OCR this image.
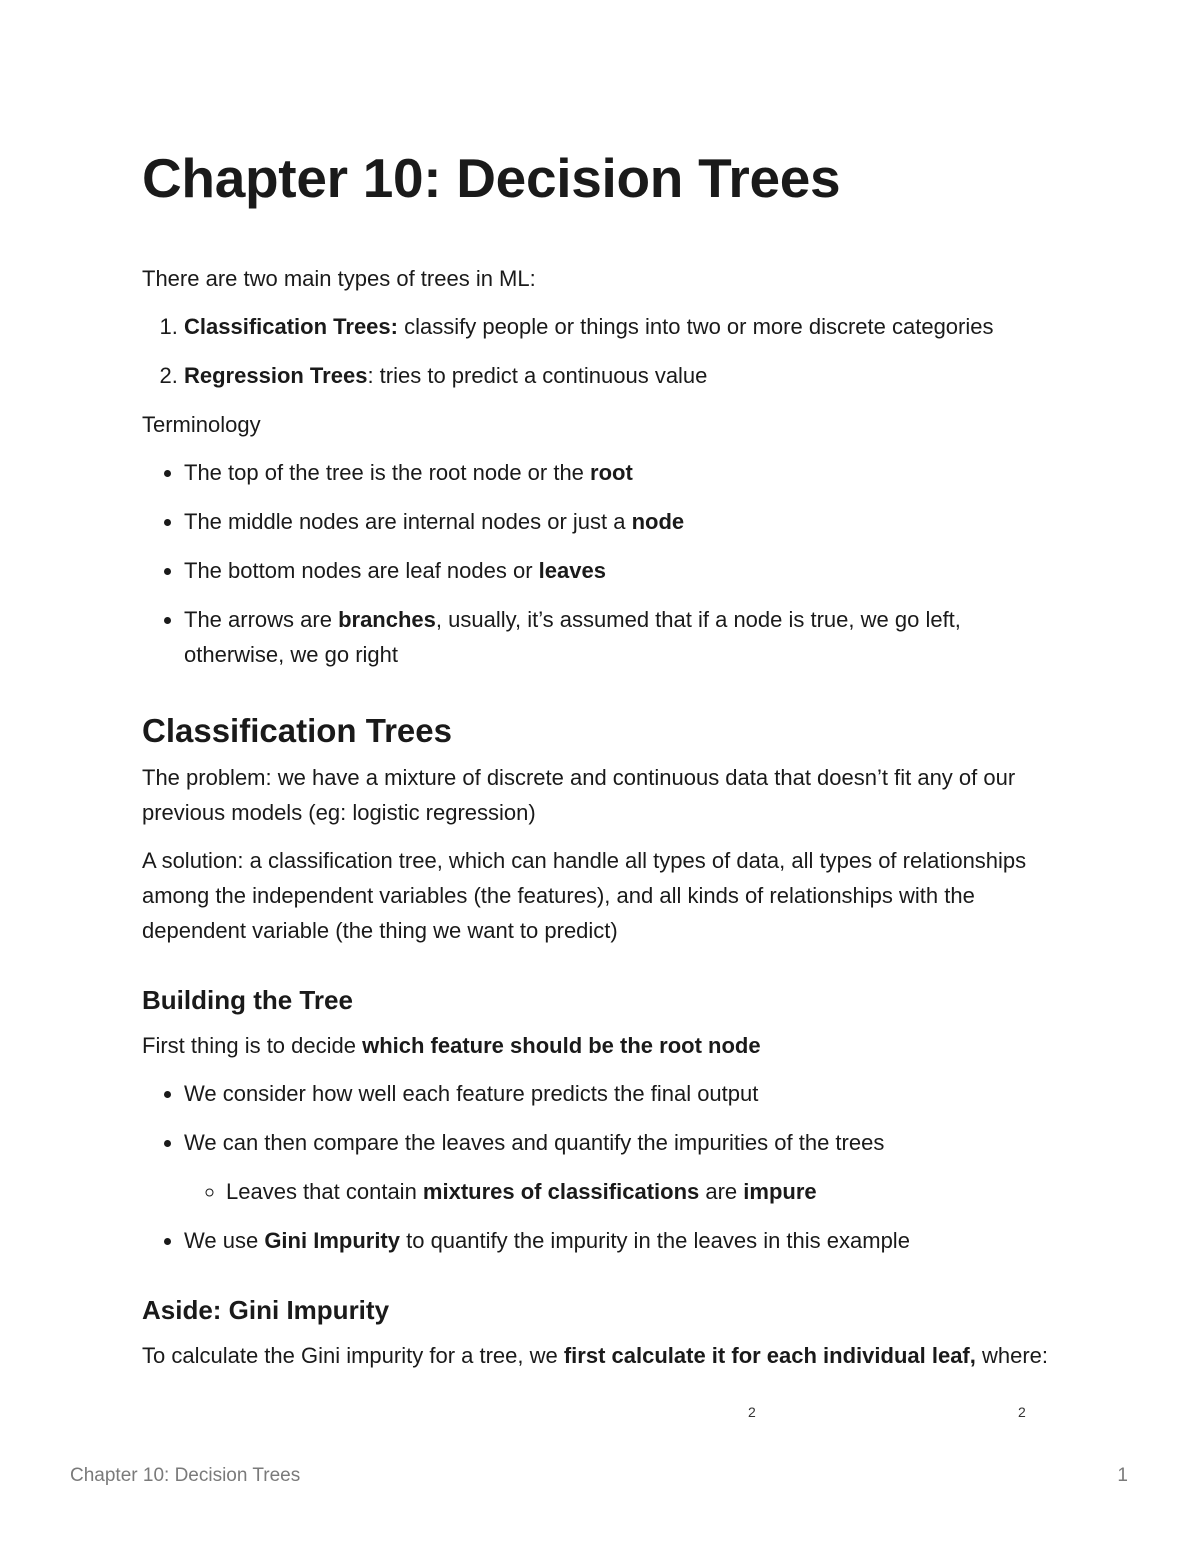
Chapter 10: Decision Trees

There are two main types of trees in ML:

1. Classification Trees: classify people or things into two or more discrete categories
2. Regression Trees: tries to predict a continuous value

Terminology

• The top of the tree is the root node or the root
• The middle nodes are internal nodes or just a node
• The bottom nodes are leaf nodes or leaves
• The arrows are branches, usually, it’s assumed that if a node is true, we go left, otherwise, we go right
Classification Trees

The problem: we have a mixture of discrete and continuous data that doesn’t fit any of our previous models (eg: logistic regression)

A solution: a classification tree, which can handle all types of data, all types of relationships among the independent variables (the features), and all kinds of relationships with the dependent variable (the thing we want to predict)

Building the Tree

First thing is to decide which feature should be the root node

• We consider how well each feature predicts the final output
• We can then compare the leaves and quantify the impurities of the trees
◦ Leaves that contain mixtures of classifications are impure
• We use Gini Impurity to quantify the impurity in the leaves in this example
Aside: Gini Impurity

To calculate the Gini impurity for a tree, we first calculate it for each individual leaf, where:

2	2
Chapter 10: Decision Trees	1
